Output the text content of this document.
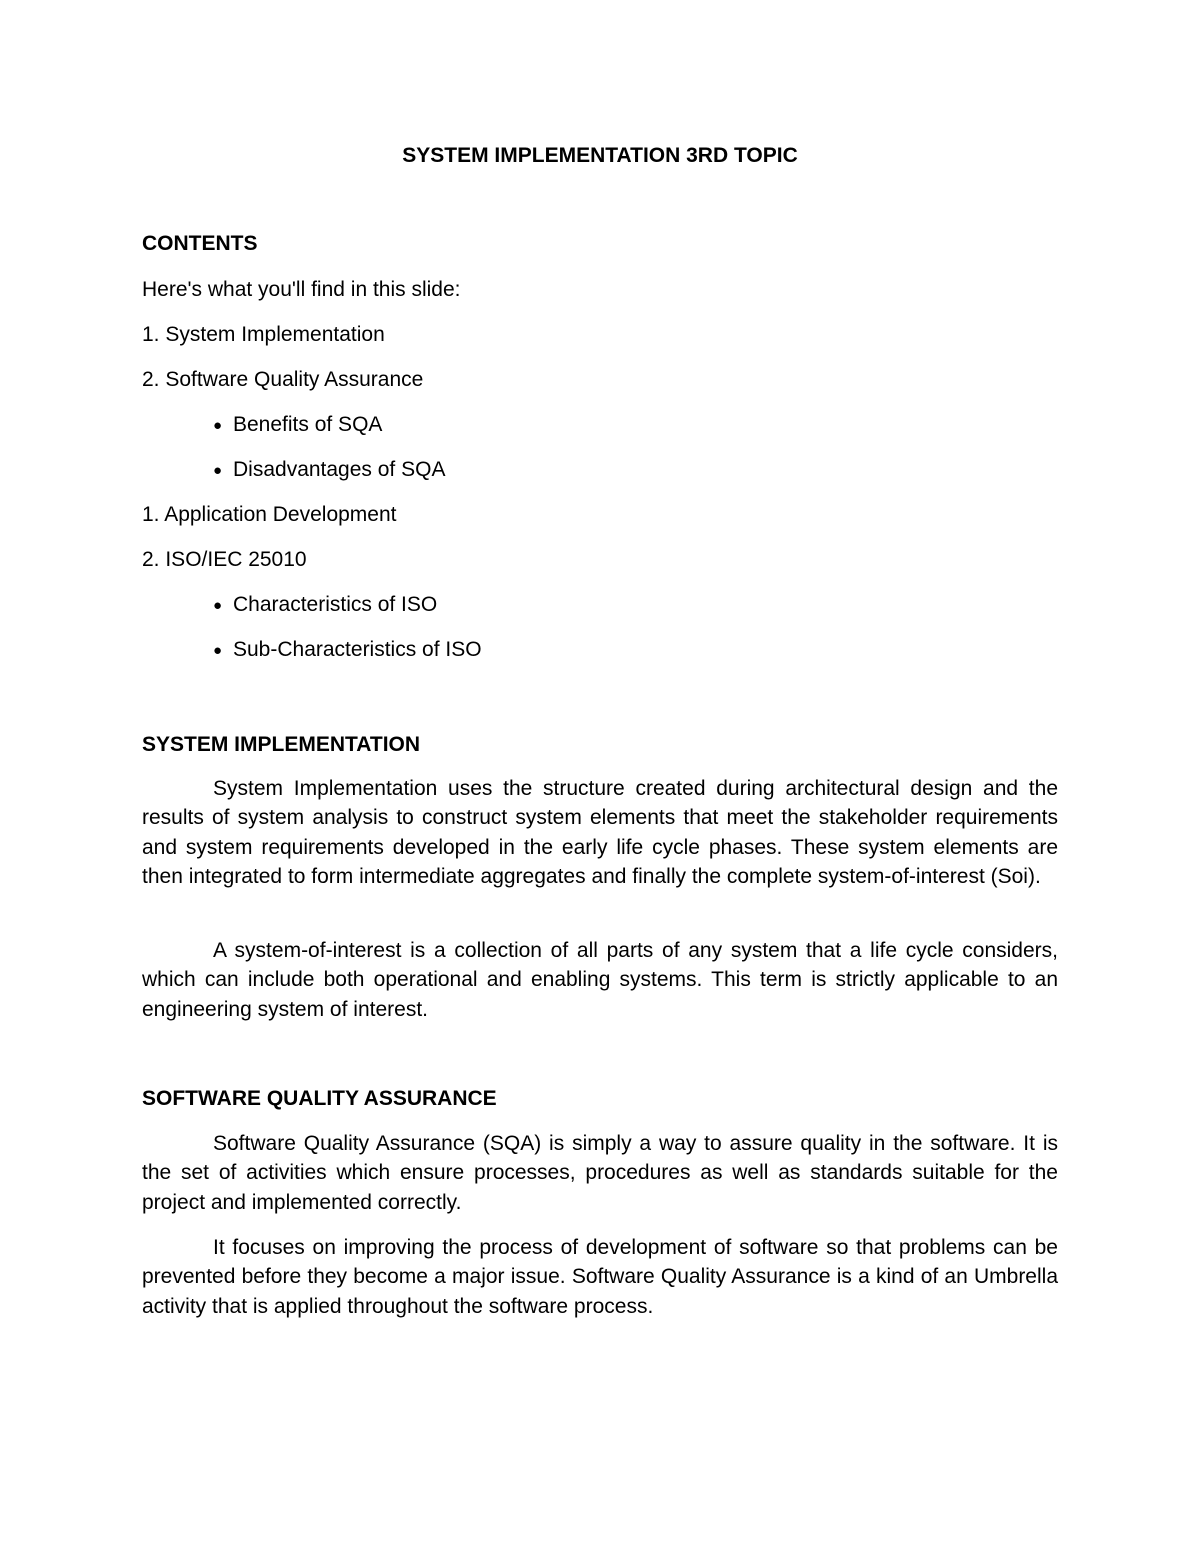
SYSTEM IMPLEMENTATION 3RD TOPIC
CONTENTS

Here's what you'll find in this slide:

1. System Implementation

2. Software Quality Assurance

● Benefits of SQA

● Disadvantages of SQA

1. Application Development

2. ISO/IEC 25010

● Characteristics of ISO

● Sub-Characteristics of ISO

SYSTEM IMPLEMENTATION

System Implementation uses the structure created during architectural design and the results of system analysis to construct system elements that meet the stakeholder requirements and system requirements developed in the early life cycle phases. These system elements are then integrated to form intermediate aggregates and finally the complete system-of-interest (Soi).

A system-of-interest is a collection of all parts of any system that a life cycle considers, which can include both operational and enabling systems. This term is strictly applicable to an engineering system of interest.

SOFTWARE QUALITY ASSURANCE

Software Quality Assurance (SQA) is simply a way to assure quality in the software. It is the set of activities which ensure processes, procedures as well as standards suitable for the project and implemented correctly.

It focuses on improving the process of development of software so that problems can be prevented before they become a major issue. Software Quality Assurance is a kind of an Umbrella activity that is applied throughout the software process.
